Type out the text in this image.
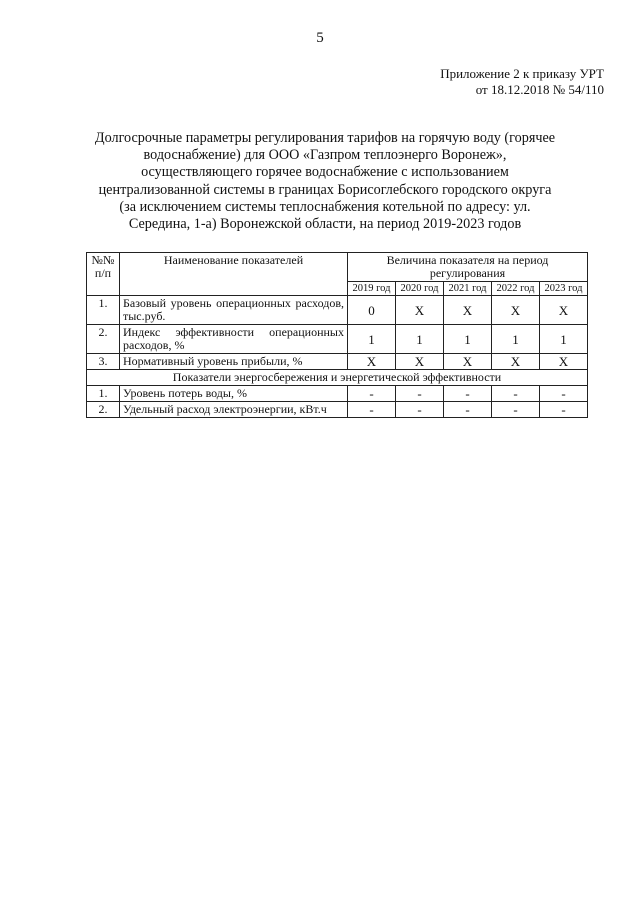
5
Приложение 2 к приказу УРТ
от 18.12.2018 № 54/110
Долгосрочные параметры регулирования тарифов на горячую воду (горячее водоснабжение) для ООО «Газпром теплоэнерго Воронеж», осуществляющего горячее водоснабжение с использованием централизованной системы в границах Борисоглебского городского округа (за исключением системы теплоснабжения котельной по адресу: ул. Середина, 1-а) Воронежской области, на период 2019-2023 годов
№№ п/п	Наименование показателей	Величина показателя на период регулирования				
		2019 год	2020 год	2021 год	2022 год	2023 год
1.	Базовый уровень операционных расходов, тыс.руб.	0	X	X	X	X
2.	Индекс эффективности операционных расходов, %	1	1	1	1	1
3.	Нормативный уровень прибыли, %	X	X	X	X	X
Показатели энергосбережения и энергетической эффективности						
1.	Уровень потерь воды, %	-	-	-	-	-
2.	Удельный расход электроэнергии, кВт.ч	-	-	-	-	-
